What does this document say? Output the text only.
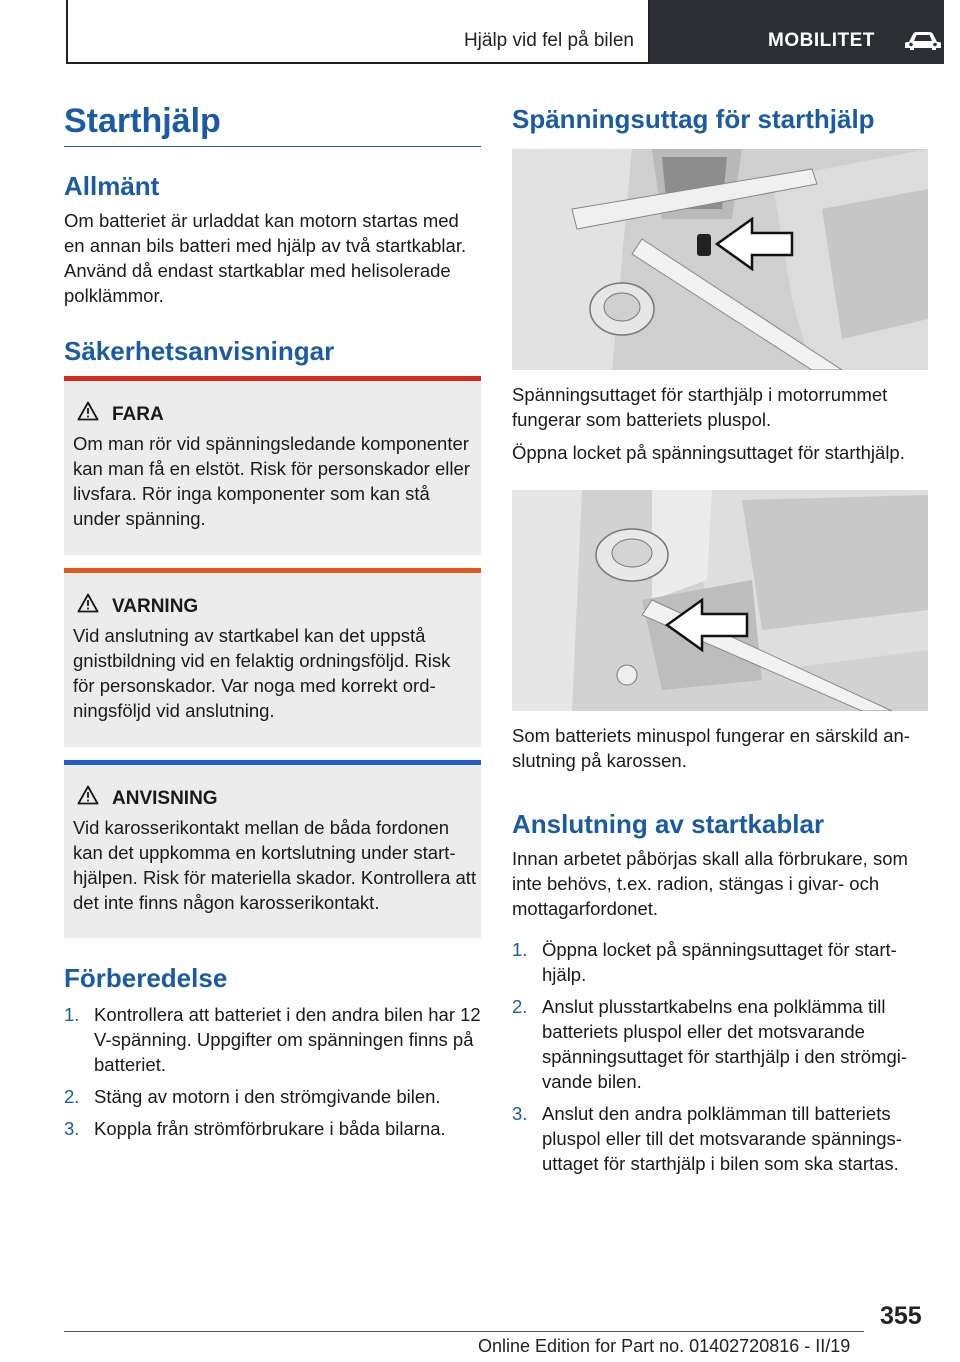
Hjälp vid fel på bilen	MOBILITET
Starthjälp
Allmänt

Om batteriet är urladdat kan motorn startas med en annan bils batteri med hjälp av två startkablar. Använd då endast startkablar med helisolerade polklämmor.

Säkerhetsanvisningar
FARA

Om man rör vid spänningsledande komponenter kan man få en elstöt. Risk för personskador eller livsfara. Rör inga komponenter som kan stå under spänning.

VARNING

Vid anslutning av startkabel kan det uppstå gnistbildning vid en felaktig ordningsföljd. Risk för personskador. Var noga med korrekt ordningsföljd vid anslutning.

ANVISNING

Vid karosserikontakt mellan de båda fordonen kan det uppkomma en kortslutning under starthjälpen. Risk för materiella skador. Kontrollera att det inte finns någon karosserikontakt.

Förberedelse
1. Kontrollera att batteriet i den andra bilen har 12 V-spänning. Uppgifter om spänningen finns på batteriet.
2. Stäng av motorn i den strömgivande bilen.
3. Koppla från strömförbrukare i båda bilarna.
Spänningsuttag för starthjälp

Spänningsuttaget för starthjälp i motorrummet fungerar som batteriets pluspol.

Öppna locket på spänningsuttaget för starthjälp.

Som batteriets minuspol fungerar en särskild anslutning på karossen.

Anslutning av startkablar

Innan arbetet påbörjas skall alla förbrukare, som inte behövs, t.ex. radion, stängas i givar- och mottagarfordonet.

1. Öppna locket på spänningsuttaget för starthjälp.
2. Anslut plusstartkabelns ena polklämma till batteriets pluspol eller det motsvarande spänningsuttaget för starthjälp i den strömgivande bilen.
3. Anslut den andra polklämman till batteriets pluspol eller till det motsvarande spänningsuttaget för starthjälp i bilen som ska startas.
355
Online Edition for Part no. 01402720816 - II/19
